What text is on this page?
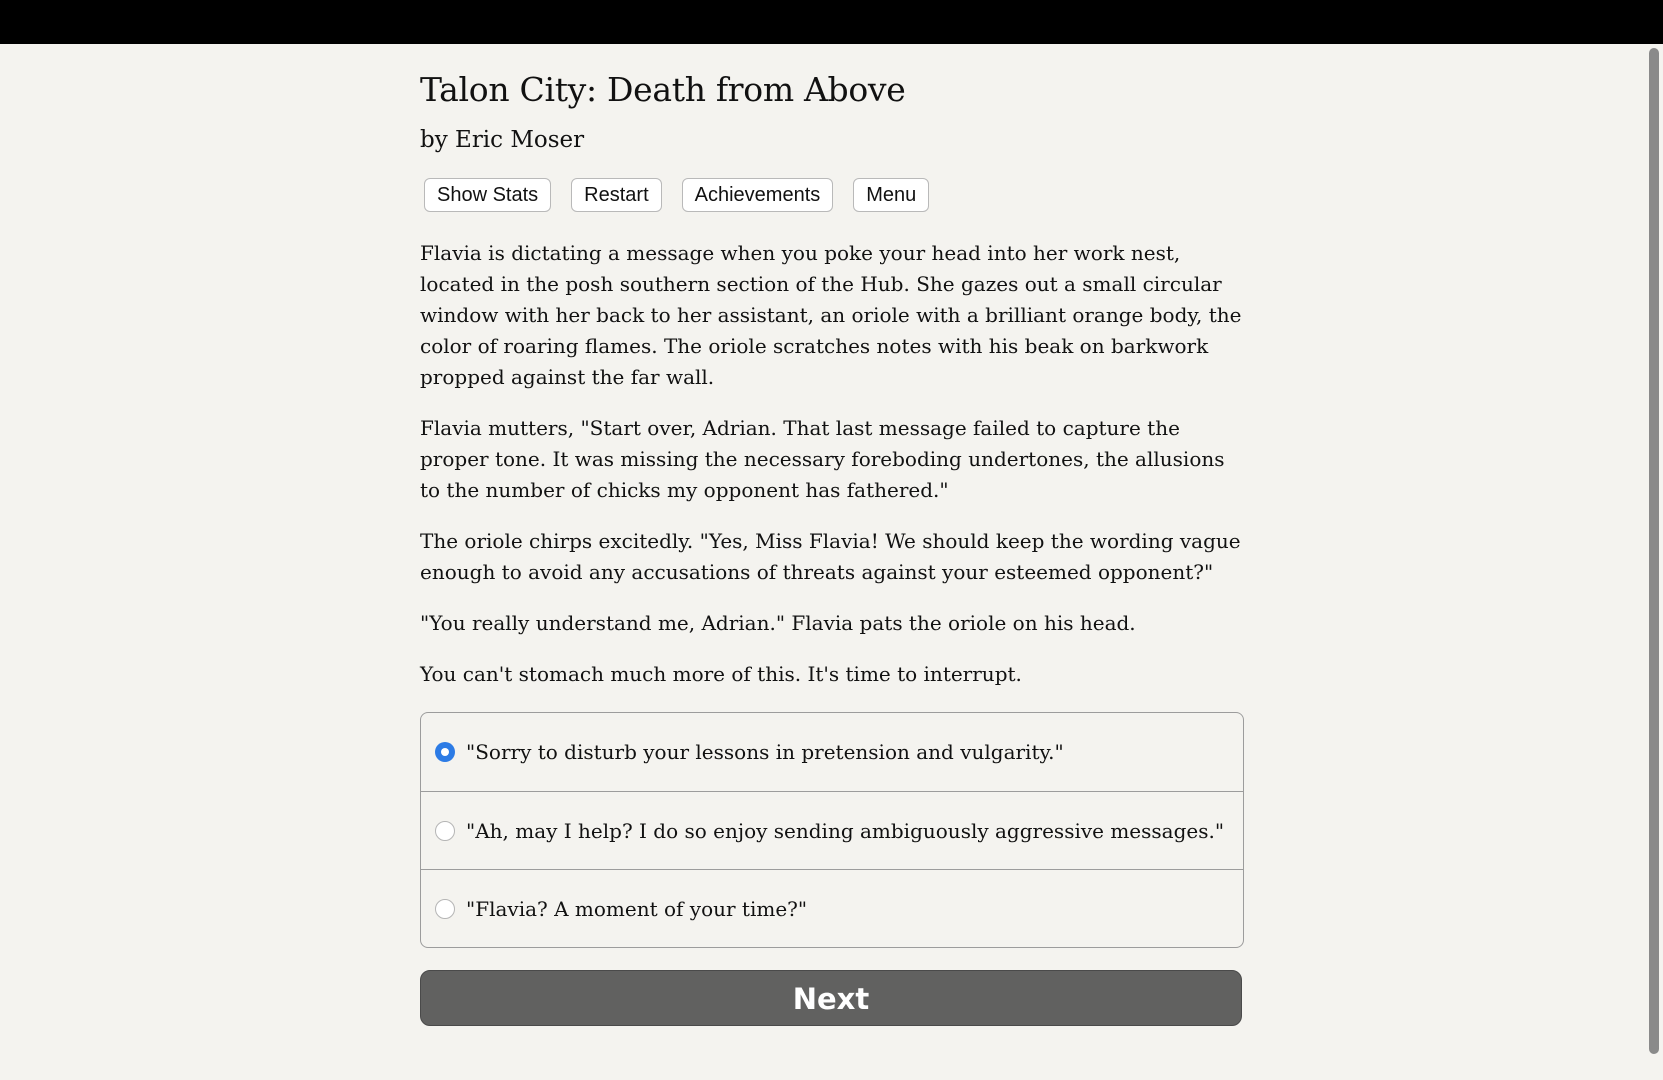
Talon City: Death from Above
by Eric Moser
Show Stats	Restart	Achievements	Menu

Flavia is dictating a message when you poke your head into her work nest, located in the posh southern section of the Hub. She gazes out a small circular window with her back to her assistant, an oriole with a brilliant orange body, the color of roaring flames. The oriole scratches notes with his beak on barkwork propped against the far wall.

Flavia mutters, "Start over, Adrian. That last message failed to capture the proper tone. It was missing the necessary foreboding undertones, the allusions to the number of chicks my opponent has fathered."

The oriole chirps excitedly. "Yes, Miss Flavia! We should keep the wording vague enough to avoid any accusations of threats against your esteemed opponent?"

"You really understand me, Adrian." Flavia pats the oriole on his head.

You can't stomach much more of this. It's time to interrupt.

"Sorry to disturb your lessons in pretension and vulgarity."
"Ah, may I help? I do so enjoy sending ambiguously aggressive messages."
"Flavia? A moment of your time?"
Next
